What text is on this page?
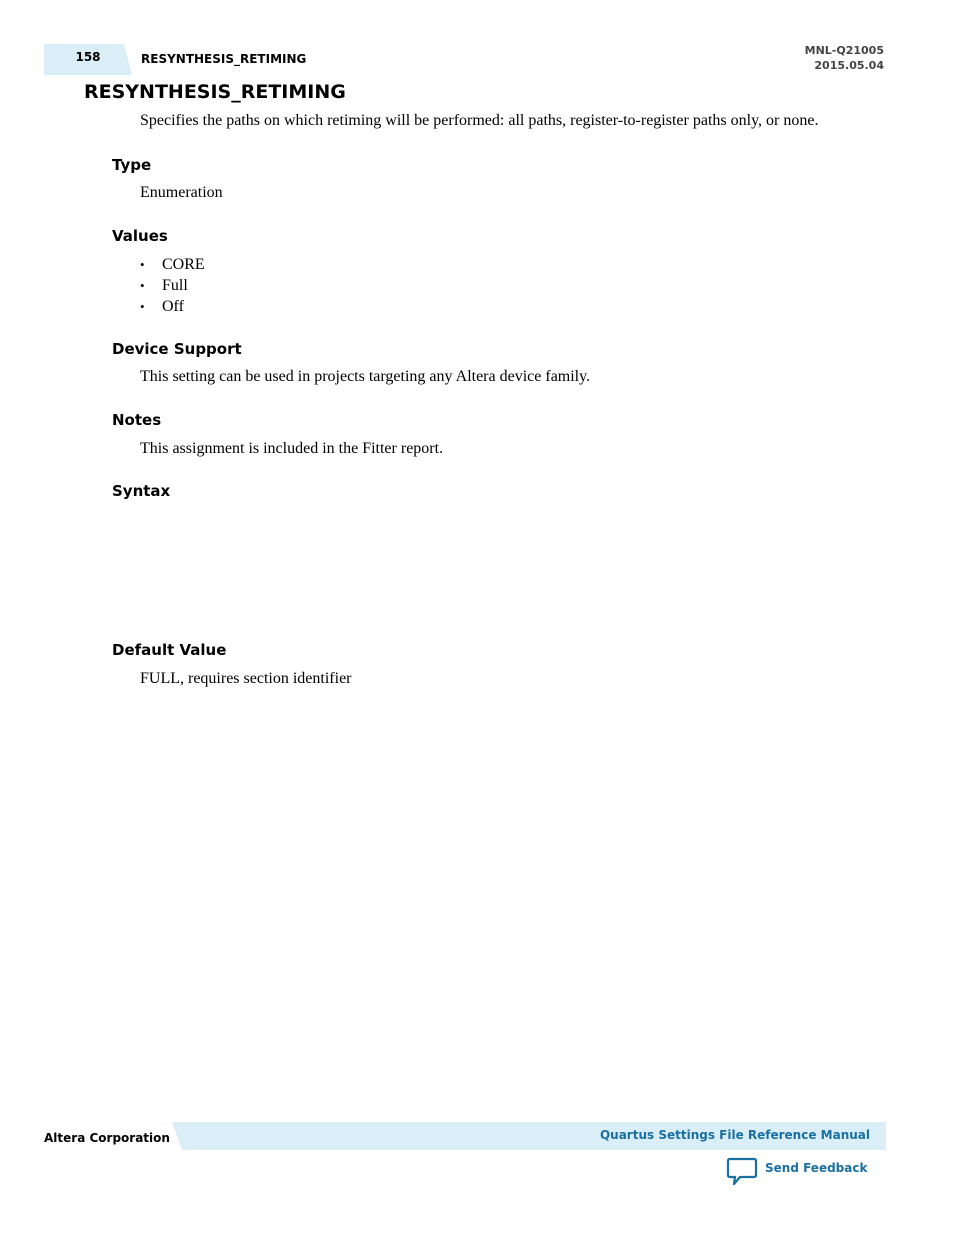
158	RESYNTHESIS_RETIMING
MNL-Q21005
2015.05.04
RESYNTHESIS_RETIMING

Specifies the paths on which retiming will be performed: all paths, register-to-register paths only, or none.

Type

Enumeration

Values
• CORE
• Full
• Off
Device Support

This setting can be used in projects targeting any Altera device family.

Notes

This assignment is included in the Fitter report.

Syntax
Default Value

FULL, requires section identifier

Altera Corporation	Quartus Settings File Reference Manual
Send Feedback
